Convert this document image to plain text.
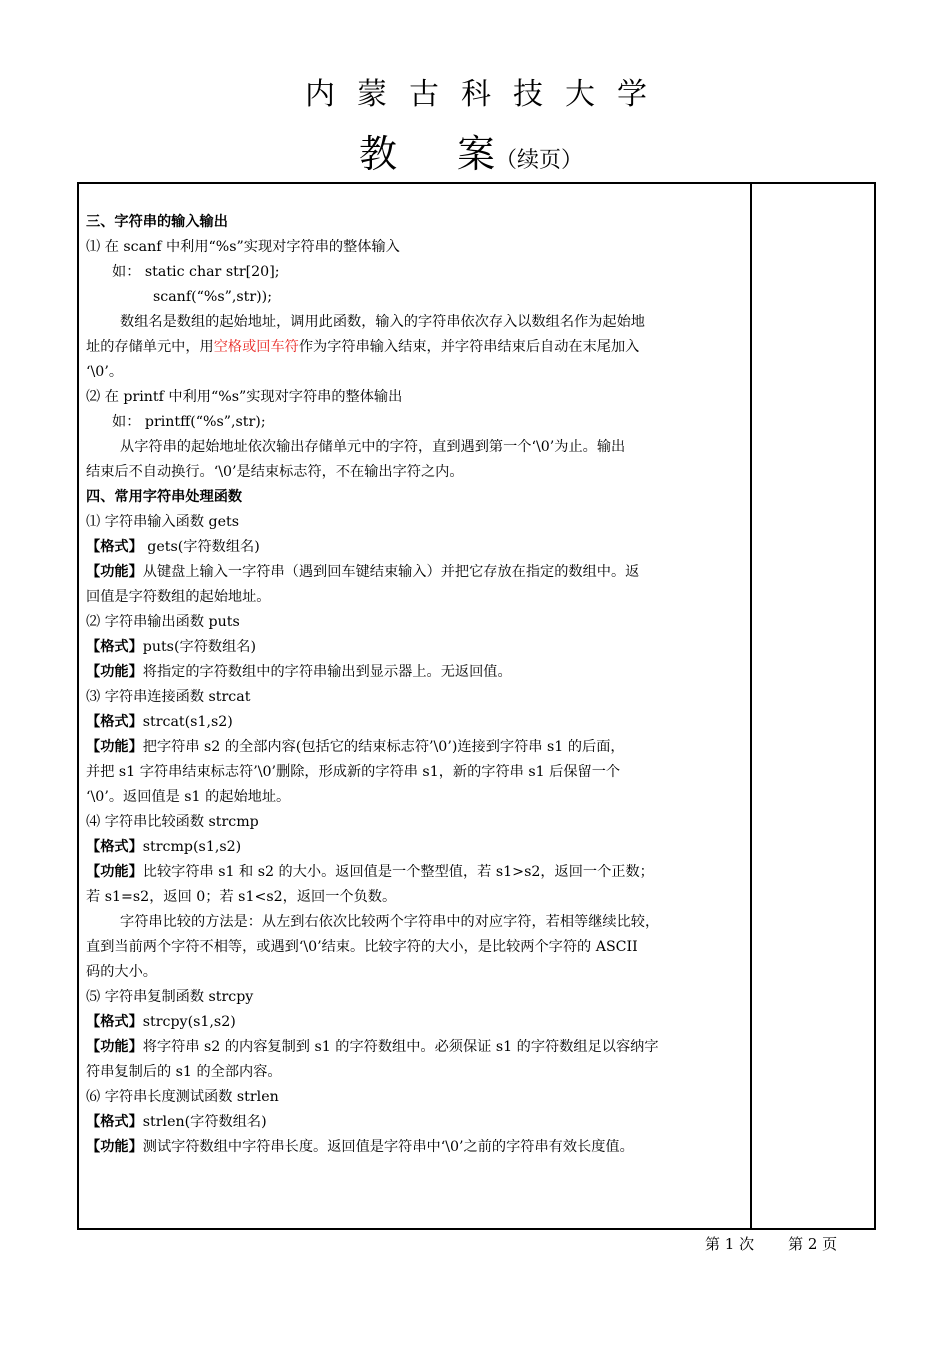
内蒙古科技大学
教 案（续页）

三、字符串的输入输出

⑴ 在 scanf 中利用“%s”实现对字符串的整体输入

如： static char str[20];

scanf(“%s”,str));

数组名是数组的起始地址，调用此函数，输入的字符串依次存入以数组名作为起始地

址的存储单元中，用空格或回车符作为字符串输入结束，并字符串结束后自动在末尾加入

‘\0’。

⑵ 在 printf 中利用“%s”实现对字符串的整体输出

如： printff(“%s”,str);

从字符串的起始地址依次输出存储单元中的字符，直到遇到第一个‘\0’为止。输出

结束后不自动换行。‘\0’是结束标志符，不在输出字符之内。

四、常用字符串处理函数

⑴ 字符串输入函数 gets

【格式】 gets(字符数组名)

【功能】从键盘上输入一字符串（遇到回车键结束输入）并把它存放在指定的数组中。返

回值是字符数组的起始地址。

⑵ 字符串输出函数 puts

【格式】puts(字符数组名)

【功能】将指定的字符数组中的字符串输出到显示器上。无返回值。

⑶ 字符串连接函数 strcat

【格式】strcat(s1,s2)

【功能】把字符串 s2 的全部内容(包括它的结束标志符’\0’)连接到字符串 s1 的后面，

并把 s1 字符串结束标志符’\0’删除，形成新的字符串 s1，新的字符串 s1 后保留一个

‘\0’。返回值是 s1 的起始地址。

⑷ 字符串比较函数 strcmp

【格式】strcmp(s1,s2)

【功能】比较字符串 s1 和 s2 的大小。返回值是一个整型值，若 s1>s2，返回一个正数；

若 s1=s2，返回 0；若 s1<s2，返回一个负数。

字符串比较的方法是：从左到右依次比较两个字符串中的对应字符，若相等继续比较，

直到当前两个字符不相等，或遇到‘\0’结束。比较字符的大小，是比较两个字符的 ASCII

码的大小。

⑸ 字符串复制函数 strcpy

【格式】strcpy(s1,s2)

【功能】将字符串 s2 的内容复制到 s1 的字符数组中。必须保证 s1 的字符数组足以容纳字

符串复制后的 s1 的全部内容。

⑹ 字符串长度测试函数 strlen

【格式】strlen(字符数组名)

【功能】测试字符数组中字符串长度。返回值是字符串中‘\0’之前的字符串有效长度值。

第 1 次 第 2 页
